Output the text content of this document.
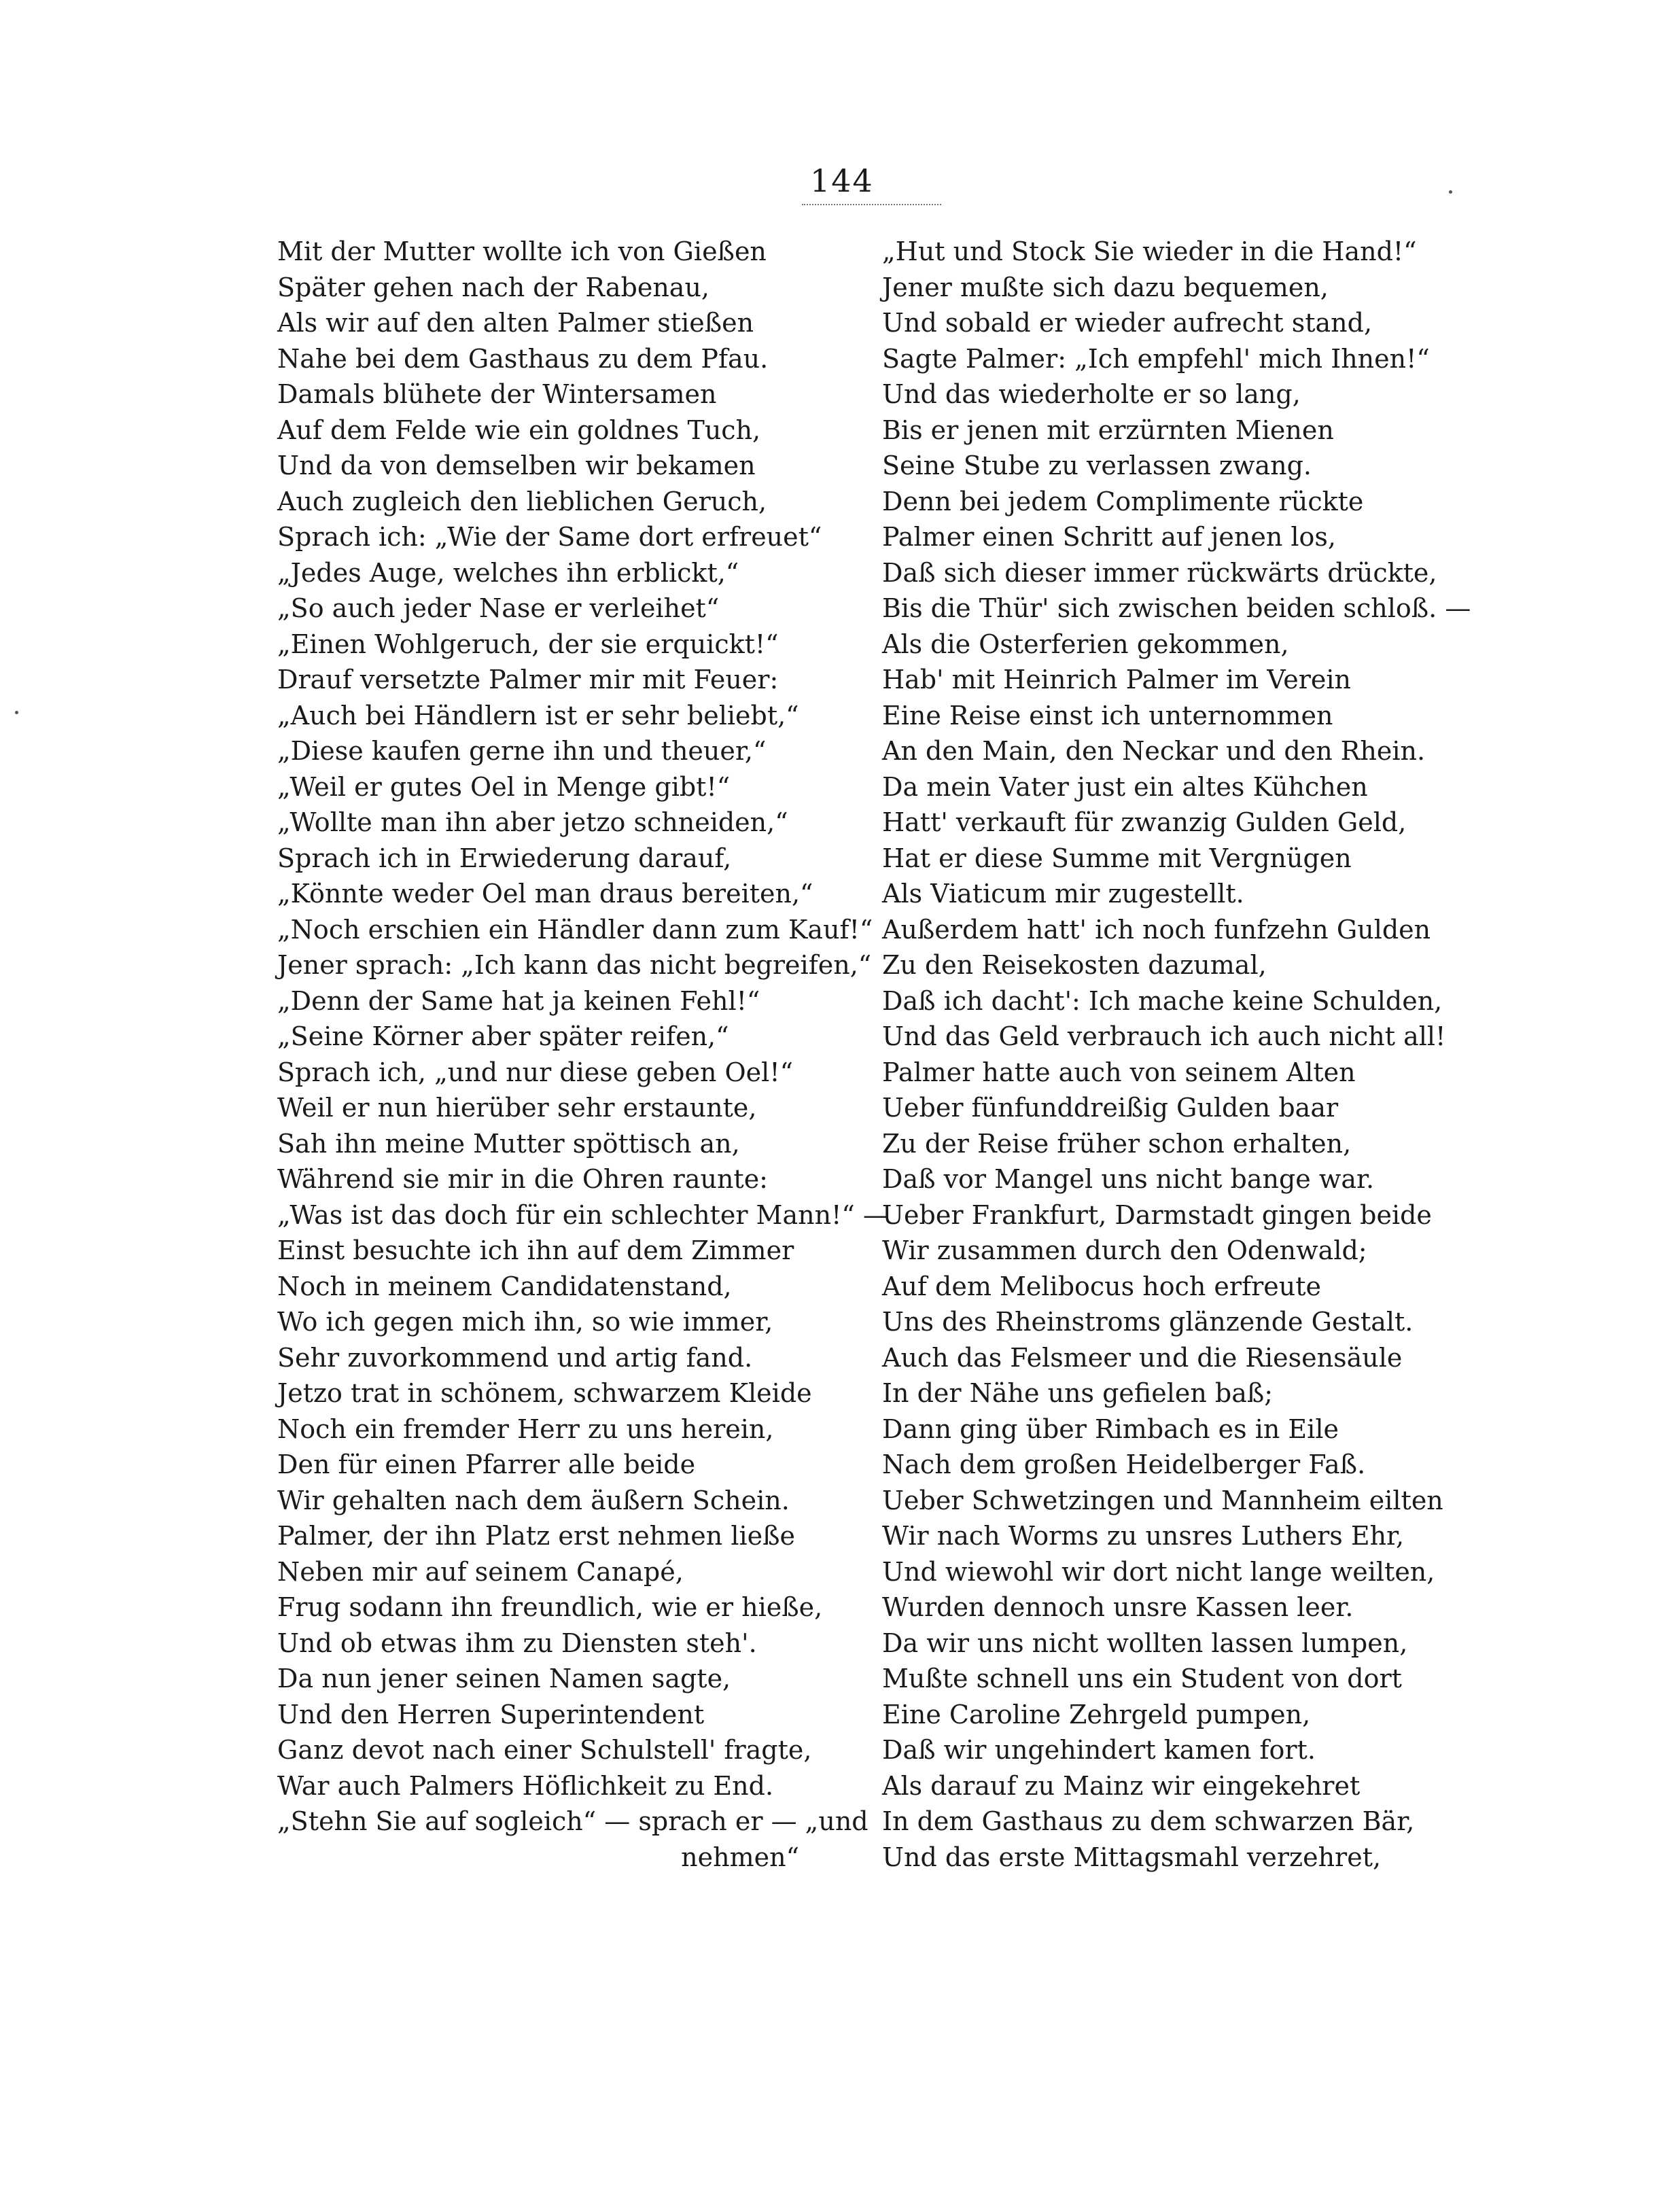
144
Mit der Mutter wollte ich von Gießen
Später gehen nach der Rabenau,
Als wir auf den alten Palmer stießen
Nahe bei dem Gasthaus zu dem Pfau.
Damals blühete der Wintersamen
Auf dem Felde wie ein goldnes Tuch,
Und da von demselben wir bekamen
Auch zugleich den lieblichen Geruch,
Sprach ich: „Wie der Same dort erfreuet“
„Jedes Auge, welches ihn erblickt,“
„So auch jeder Nase er verleihet“
„Einen Wohlgeruch, der sie erquickt!“
Drauf versetzte Palmer mir mit Feuer:
„Auch bei Händlern ist er sehr beliebt,“
„Diese kaufen gerne ihn und theuer,“
„Weil er gutes Oel in Menge gibt!“
„Wollte man ihn aber jetzo schneiden,“
Sprach ich in Erwiederung darauf,
„Könnte weder Oel man draus bereiten,“
„Noch erschien ein Händler dann zum Kauf!“
Jener sprach: „Ich kann das nicht begreifen,“
„Denn der Same hat ja keinen Fehl!“
„Seine Körner aber später reifen,“
Sprach ich, „und nur diese geben Oel!“
Weil er nun hierüber sehr erstaunte,
Sah ihn meine Mutter spöttisch an,
Während sie mir in die Ohren raunte:
„Was ist das doch für ein schlechter Mann!“ —
Einst besuchte ich ihn auf dem Zimmer
Noch in meinem Candidatenstand,
Wo ich gegen mich ihn, so wie immer,
Sehr zuvorkommend und artig fand.
Jetzo trat in schönem, schwarzem Kleide
Noch ein fremder Herr zu uns herein,
Den für einen Pfarrer alle beide
Wir gehalten nach dem äußern Schein.
Palmer, der ihn Platz erst nehmen ließe
Neben mir auf seinem Canapé,
Frug sodann ihn freundlich, wie er hieße,
Und ob etwas ihm zu Diensten steh'.
Da nun jener seinen Namen sagte,
Und den Herren Superintendent
Ganz devot nach einer Schulstell' fragte,
War auch Palmers Höflichkeit zu End.
„Stehn Sie auf sogleich“ — sprach er — „und
nehmen“
„Hut und Stock Sie wieder in die Hand!“
Jener mußte sich dazu bequemen,
Und sobald er wieder aufrecht stand,
Sagte Palmer: „Ich empfehl' mich Ihnen!“
Und das wiederholte er so lang,
Bis er jenen mit erzürnten Mienen
Seine Stube zu verlassen zwang.
Denn bei jedem Complimente rückte
Palmer einen Schritt auf jenen los,
Daß sich dieser immer rückwärts drückte,
Bis die Thür' sich zwischen beiden schloß. —
Als die Osterferien gekommen,
Hab' mit Heinrich Palmer im Verein
Eine Reise einst ich unternommen
An den Main, den Neckar und den Rhein.
Da mein Vater just ein altes Kühchen
Hatt' verkauft für zwanzig Gulden Geld,
Hat er diese Summe mit Vergnügen
Als Viaticum mir zugestellt.
Außerdem hatt' ich noch funfzehn Gulden
Zu den Reisekosten dazumal,
Daß ich dacht': Ich mache keine Schulden,
Und das Geld verbrauch ich auch nicht all!
Palmer hatte auch von seinem Alten
Ueber fünfunddreißig Gulden baar
Zu der Reise früher schon erhalten,
Daß vor Mangel uns nicht bange war.
Ueber Frankfurt, Darmstadt gingen beide
Wir zusammen durch den Odenwald;
Auf dem Melibocus hoch erfreute
Uns des Rheinstroms glänzende Gestalt.
Auch das Felsmeer und die Riesensäule
In der Nähe uns gefielen baß;
Dann ging über Rimbach es in Eile
Nach dem großen Heidelberger Faß.
Ueber Schwetzingen und Mannheim eilten
Wir nach Worms zu unsres Luthers Ehr,
Und wiewohl wir dort nicht lange weilten,
Wurden dennoch unsre Kassen leer.
Da wir uns nicht wollten lassen lumpen,
Mußte schnell uns ein Student von dort
Eine Caroline Zehrgeld pumpen,
Daß wir ungehindert kamen fort.
Als darauf zu Mainz wir eingekehret
In dem Gasthaus zu dem schwarzen Bär,
Und das erste Mittagsmahl verzehret,
